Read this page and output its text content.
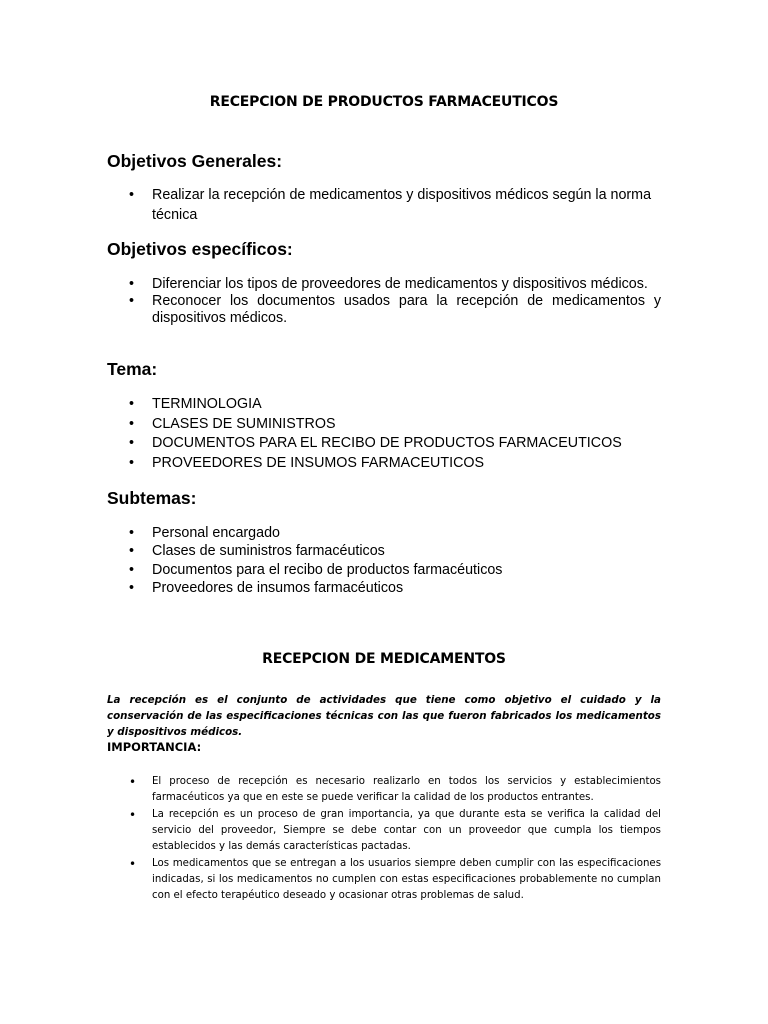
RECEPCION DE PRODUCTOS FARMACEUTICOS
Objetivos Generales:
• Realizar la recepción de medicamentos y dispositivos médicos según la norma técnica
Objetivos específicos:
• Diferenciar los tipos de proveedores de medicamentos y dispositivos médicos.
• Reconocer los documentos usados para la recepción de medicamentos y dispositivos médicos.
Tema:
• TERMINOLOGIA
• CLASES DE SUMINISTROS
• DOCUMENTOS PARA EL RECIBO DE PRODUCTOS FARMACEUTICOS
• PROVEEDORES DE INSUMOS FARMACEUTICOS
Subtemas:
• Personal encargado
• Clases de suministros farmacéuticos
• Documentos para el recibo de productos farmacéuticos
• Proveedores de insumos farmacéuticos
RECEPCION DE MEDICAMENTOS
La recepción es el conjunto de actividades que tiene como objetivo el cuidado y la conservación de las especificaciones técnicas con las que fueron fabricados los medicamentos y dispositivos médicos.
IMPORTANCIA:
• El proceso de recepción es necesario realizarlo en todos los servicios y establecimientos farmacéuticos ya que en este se puede verificar la calidad de los productos entrantes.
• La recepción es un proceso de gran importancia, ya que durante esta se verifica la calidad del servicio del proveedor, Siempre se debe contar con un proveedor que cumpla los tiempos establecidos y las demás características pactadas.
• Los medicamentos que se entregan a los usuarios siempre deben cumplir con las especificaciones indicadas, si los medicamentos no cumplen con estas especificaciones probablemente no cumplan con el efecto terapéutico deseado y ocasionar otras problemas de salud.
